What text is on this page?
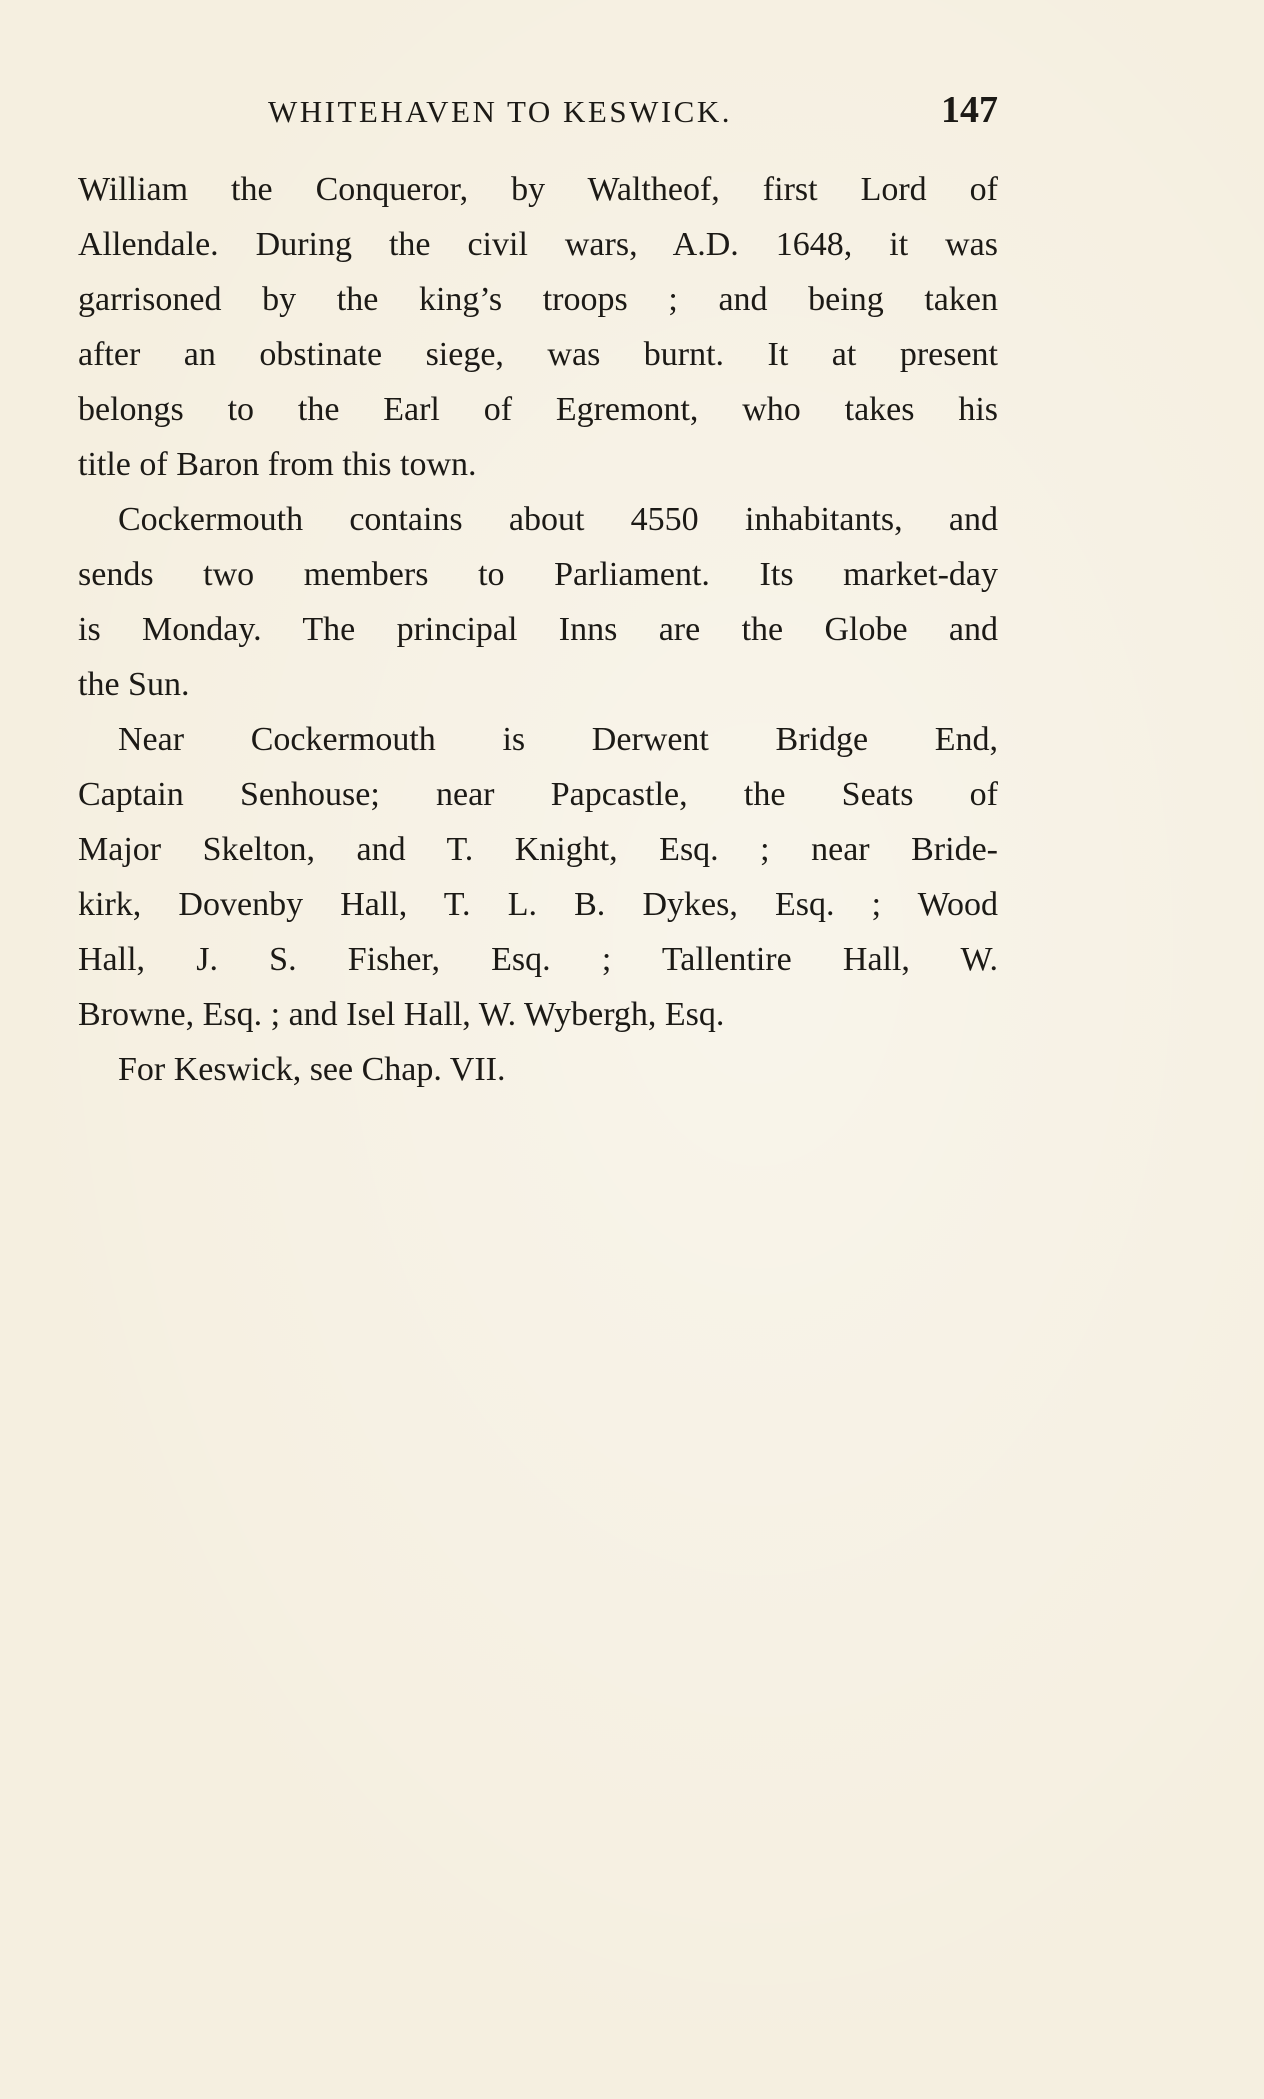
WHITEHAVEN TO KESWICK.	147
William the Conqueror, by Waltheof, first Lord of
Allendale. During the civil wars, A.D. 1648, it was
garrisoned by the king’s troops ; and being taken
after an obstinate siege, was burnt. It at present
belongs to the Earl of Egremont, who takes his
title of Baron from this town.
Cockermouth contains about 4550 inhabitants, and
sends two members to Parliament. Its market-day
is Monday. The principal Inns are the Globe and
the Sun.
Near Cockermouth is Derwent Bridge End,
Captain Senhouse; near Papcastle, the Seats of
Major Skelton, and T. Knight, Esq. ; near Bride-
kirk, Dovenby Hall, T. L. B. Dykes, Esq. ; Wood
Hall, J. S. Fisher, Esq. ; Tallentire Hall, W.
Browne, Esq. ; and Isel Hall, W. Wybergh, Esq.
For Keswick, see Chap. VII.
